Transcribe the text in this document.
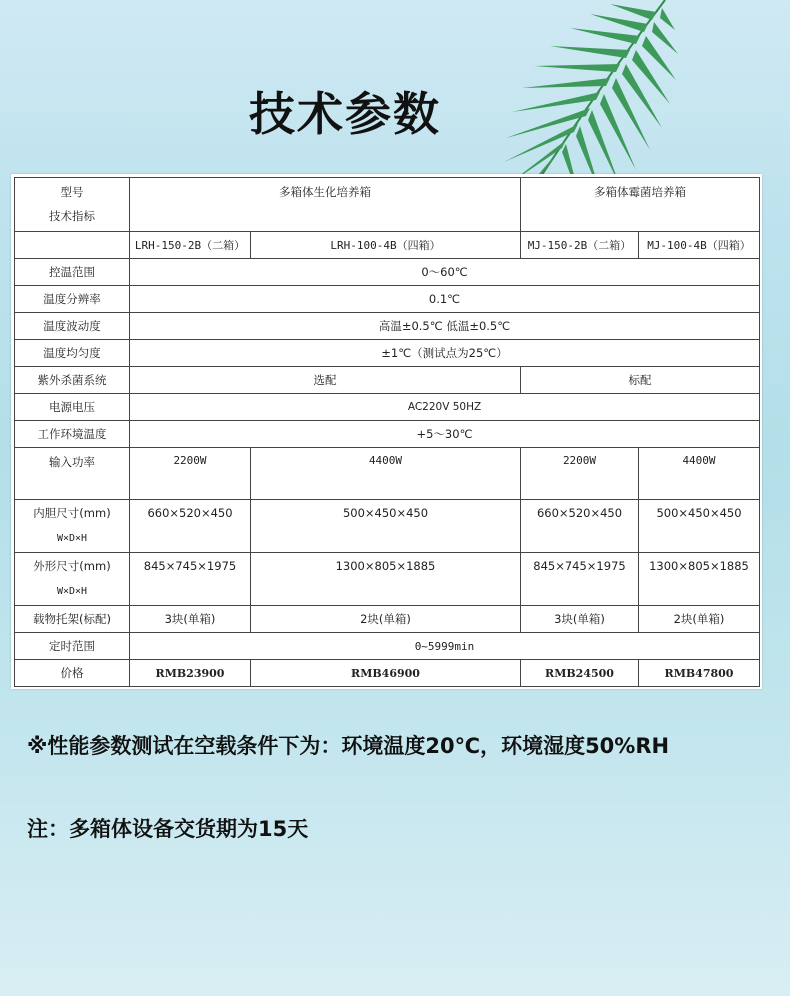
技术参数
型号
技术指标	多箱体生化培养箱		多箱体霉菌培养箱	
	LRH-150-2B（二箱）	LRH-100-4B（四箱）	MJ-150-2B（二箱）	MJ-100-4B（四箱）
控温范围	0～60℃			
温度分辨率	0.1℃			
温度波动度	高温±0.5℃ 低温±0.5℃			
温度均匀度	±1℃（测试点为25℃）			
紫外杀菌系统	选配		标配	
电源电压	AC220V 50HZ			
工作环境温度	+5～30℃			
输入功率	2200W	4400W	2200W	4400W

内胆尺寸(mm)
W×D×H	660×520×450	500×450×450	660×520×450	500×450×450

外形尺寸(mm)
W×D×H	845×745×1975	1300×805×1885	845×745×1975	1300×805×1885
载物托架(标配)	3块(单箱)	2块(单箱)	3块(单箱)	2块(单箱)
定时范围	0~5999min			
价格	RMB23900	RMB46900	RMB24500	RMB47800
※性能参数测试在空载条件下为：环境温度20℃，环境湿度50%RH
注：多箱体设备交货期为15天
